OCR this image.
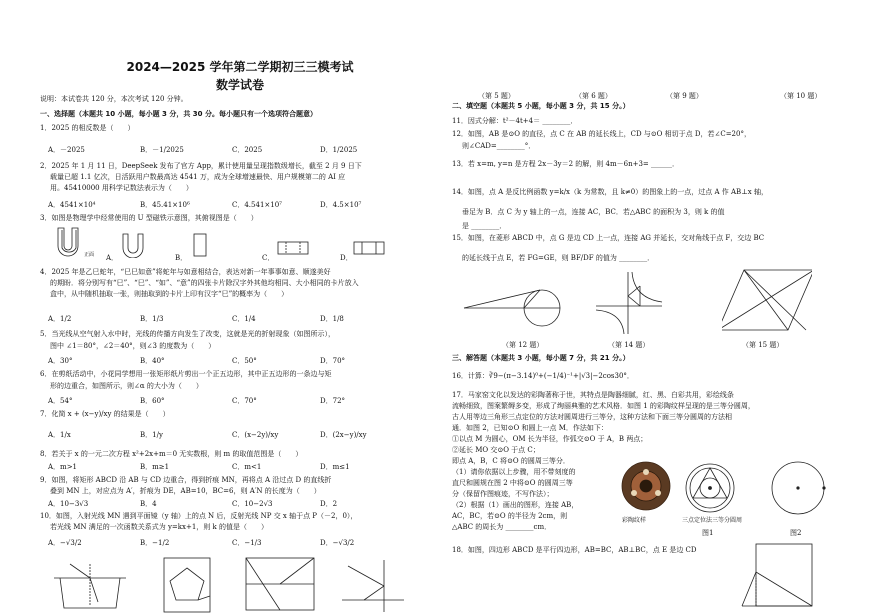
2024—2025 学年第二学期初三三模考试
数学试卷
说明：本试卷共 120 分，本次考试 120 分钟。
一、选择题（本题共 10 小题，每小题 3 分，共 30 分。每小题只有一个选项符合题意）
1．2025 的相反数是（　　）
A．－2025	B．－1/2025	C．2025	D．1/2025
2．2025 年 1 月 11 日，DeepSeek 发布了官方 App，累计使用量呈现指数级增长，截至 2 月 9 日下
载量已超 1.1 亿次，日活跃用户数最高达 4541 万，成为全球增速最快、用户规模第二的 AI 应
用。45410000 用科学记数法表示为（　　）
A．4541×10⁴	B．45.41×10⁶	C．4.541×10⁷	D．4.5×10⁷
3．如图是物理学中经常使用的 U 型磁铁示意图，其俯视图是（　　）
正面 A．	B．	C．	D．
4．2025 年是乙巳蛇年，“巳巳如意”将蛇年与如意相结合，表达对新一年事事如意、顺遂美好
的期盼．将分别写有“巳”、“巳”、“如”、“意”的四张卡片除汉字外其他均相同、大小相同的卡片放入
盒中，从中随机抽取一张，则抽取到的卡片上印有汉字“巳”的概率为（　　）
A．1/2	B．1/3	C．1/4	D．1/8
5．当光线从空气射入水中时，光线的传播方向发生了改变，这就是光的折射现象（如图所示），
图中 ∠1＝80°，∠2＝40°，则∠3 的度数为（　　）
A．30°	B．40°	C．50°	D．70°
6．在剪纸活动中，小花同学想用一张矩形纸片剪出一个正五边形，其中正五边形的一条边与矩
形的边重合，如图所示，则∠α 的大小为（　　）
A．54°	B．60°	C．70°	D．72°
7．化简 x + (x−y)/xy 的结果是（　　）
A．1/x	B．1/y	C．(x−2y)/xy	D．(2x−y)/xy
8．若关于 x 的一元二次方程 x²+2x+m＝0 无实数根，则 m 的取值范围是（　　）
A．m>1	B．m≥1	C．m<1	D．m≤1
9．如图，将矩形 ABCD 沿 AB 与 CD 边重合，得到折痕 MN，再将点 A 沿过点 D 的直线折
叠到 MN 上，对应点为 A′，折痕为 DE，AB=10，BC=6，则 A′N 的长度为（　　）
A．10−3√3	B．4	C．10−2√3	D．2
10．如图，入射光线 MN 遇到平面镜（y 轴）上的点 N 后，反射光线 NP 交 x 轴于点 P（－2，0），
若光线 MN 满足的一次函数关系式为 y=kx+1，则 k 的值是（　　）
A．−√3/2	B．−1/2	C．−1/3	D．−√3/2
（第 5 题）	（第 6 题）	（第 9 题）	（第 10 题）
二、填空题（本题共 5 小题，每小题 3 分，共 15 分。）
11．因式分解：t²－4t+4＝ ________．
12．如图，AB 是⊙O 的直径，点 C 在 AB 的延长线上，CD 与⊙O 相切于点 D，若∠C=20°，
则∠CAD=________°．
13．若 x=m, y=n 是方程 2x－3y＝2 的解，则 4m－6n+3= ______．
14．如图，点 A 是反比例函数 y=k/x（k 为常数，且 k≠0）的图象上的一点，过点 A 作 AB⊥x 轴，
垂足为 B．点 C 为 y 轴上的一点，连接 AC，BC．若△ABC 的面积为 3，则 k 的值
是 ________．
15．如图，在菱形 ABCD 中，点 G 是边 CD 上一点，连接 AG 并延长，交对角线于点 F，交边 BC
的延长线于点 E，若 FG=GE，则 BF/DF 的值为 ________．
（第 12 题）	（第 14 题）	（第 15 题）
三、解答题（本题共 3 小题，每小题 7 分，共 21 分。）
16．计算：∛9−(π−3.14)⁰+(−1/4)⁻¹+|√3|−2cos30°．
17．马家窑文化以发达的彩陶著称于世，其特点是陶器细腻，红、黑、白彩共用，彩绘线条
流畅细致，图案繁缛多变，形成了绚丽典雅的艺术风格．如图 1 的彩陶纹样呈现的是三等分圆周，
古人用等边三角形三点定位的方法对圆周进行三等分，这种方法和下面三等分圆周的方法相
通．如图 2，已知⊙O 和圆上一点 M．作法如下：
①以点 M 为圆心，OM 长为半径，作弧交⊙O 于 A，B 两点；
②延长 MO 交⊙O 于点 C；
即点 A，B，C 将⊙O 的圆周三等分．
（1）请你依据以上步骤，用不带刻度的
直尺和圆规在图 2 中将⊙O 的圆周三等
分（保留作图痕迹，不写作法）；
（2）根据（1）画出的图形，连接 AB，
AC，BC，若⊙O 的半径为 2cm，则
△ABC 的周长为 ________cm．
彩陶纹样	三点定位法三等分圆周
图1	图2
18．如图，四边形 ABCD 是平行四边形，AB=BC，AB⊥BC，点 E 是边 CD
